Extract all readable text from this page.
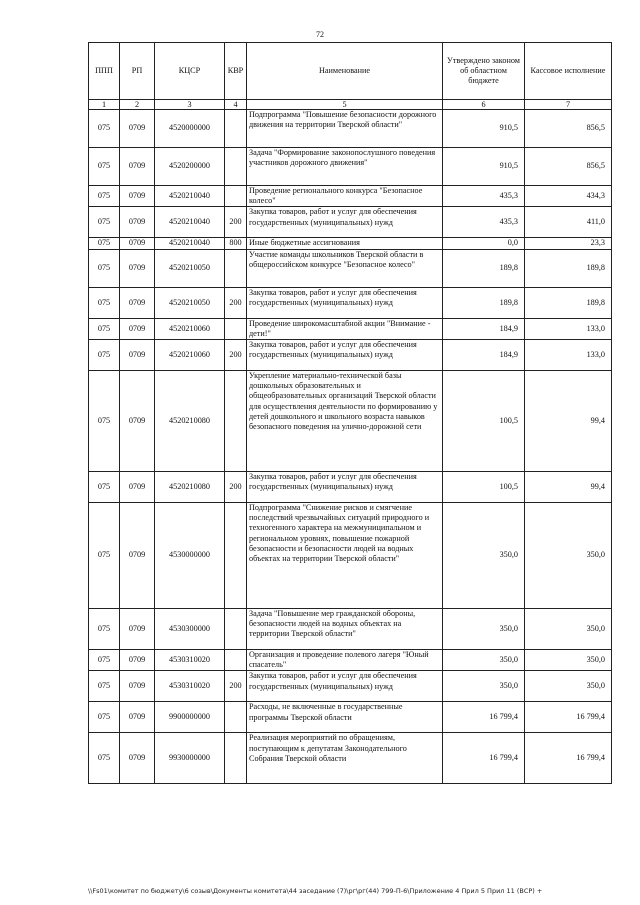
72
ППП	РП	КЦСР	КВР	Наименование	Утверждено законом об областном бюджете	Кассовое исполнение
1	2	3	4	5	6	7
075	0709	4520000000		Подпрограмма "Повышение безопасности дорожного движения на территории Тверской области"	910,5	856,5
075	0709	4520200000		Задача "Формирование законопослушного поведения участников дорожного движения"	910,5	856,5
075	0709	4520210040		Проведение регионального конкурса "Безопасное колесо"	435,3	434,3
075	0709	4520210040	200	Закупка товаров, работ и услуг для обеспечения государственных (муниципальных) нужд	435,3	411,0
075	0709	4520210040	800	Иные бюджетные ассигнования	0,0	23,3
075	0709	4520210050		Участие команды школьников Тверской области в общероссийском конкурсе "Безопасное колесо"	189,8	189,8
075	0709	4520210050	200	Закупка товаров, работ и услуг для обеспечения государственных (муниципальных) нужд	189,8	189,8
075	0709	4520210060		Проведение широкомасштабной акции "Внимание - дети!"	184,9	133,0
075	0709	4520210060	200	Закупка товаров, работ и услуг для обеспечения государственных (муниципальных) нужд	184,9	133,0
075	0709	4520210080		Укрепление материально-технической базы дошкольных образовательных и общеобразовательных организаций Тверской области для осуществления деятельности по формированию у детей дошкольного и школьного возраста навыков безопасного поведения на улично-дорожной сети	100,5	99,4
075	0709	4520210080	200	Закупка товаров, работ и услуг для обеспечения государственных (муниципальных) нужд	100,5	99,4
075	0709	4530000000		Подпрограмма "Снижение рисков и смягчение последствий чрезвычайных ситуаций природного и техногенного характера на межмуниципальном и региональном уровнях, повышение пожарной безопасности и безопасности людей на водных объектах на территории Тверской области"	350,0	350,0
075	0709	4530300000		Задача "Повышение мер гражданской обороны, безопасности людей на водных объектах на территории Тверской области"	350,0	350,0
075	0709	4530310020		Организация и проведение полевого лагеря "Юный спасатель"	350,0	350,0
075	0709	4530310020	200	Закупка товаров, работ и услуг для обеспечения государственных (муниципальных) нужд	350,0	350,0
075	0709	9900000000		Расходы, не включенные в государственные программы Тверской области	16 799,4	16 799,4
075	0709	9930000000		Реализация мероприятий по обращениям, поступающим к депутатам Законодательного Собрания Тверской области	16 799,4	16 799,4
\\Fs01\комитет по бюджету\6 созыв\Документы комитета\44 заседание (7)\рг\рг(44) 799-П-6\Приложение 4 Прил 5 Прил 11 (ВСР) +
